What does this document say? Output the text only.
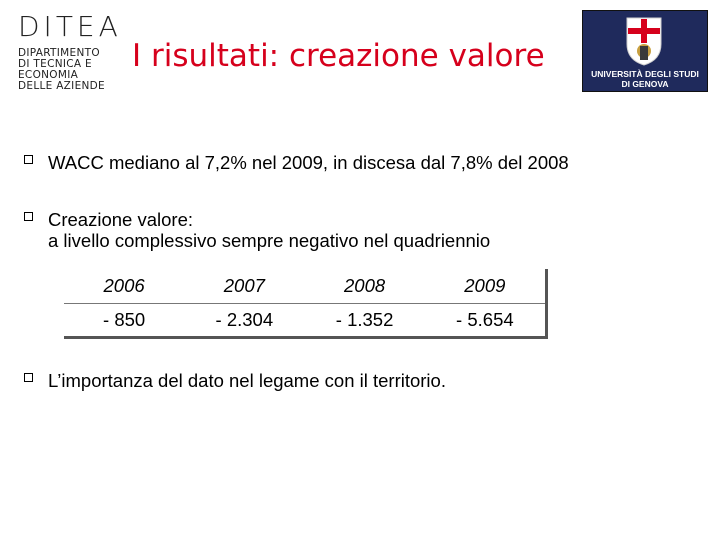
DITEA
DIPARTIMENTO
DI TECNICA E
ECONOMIA
DELLE AZIENDE
I risultati: creazione valore	UNIVERSITÀ DEGLI STUDI
DI GENOVA
WACC mediano al 7,2% nel 2009, in discesa dal 7,8% del 2008
Creazione valore:
a livello complessivo sempre negativo nel quadriennio
2006	2007	2008	2009
- 850	- 2.304	- 1.352	- 5.654
L’importanza del dato nel legame con il territorio.
